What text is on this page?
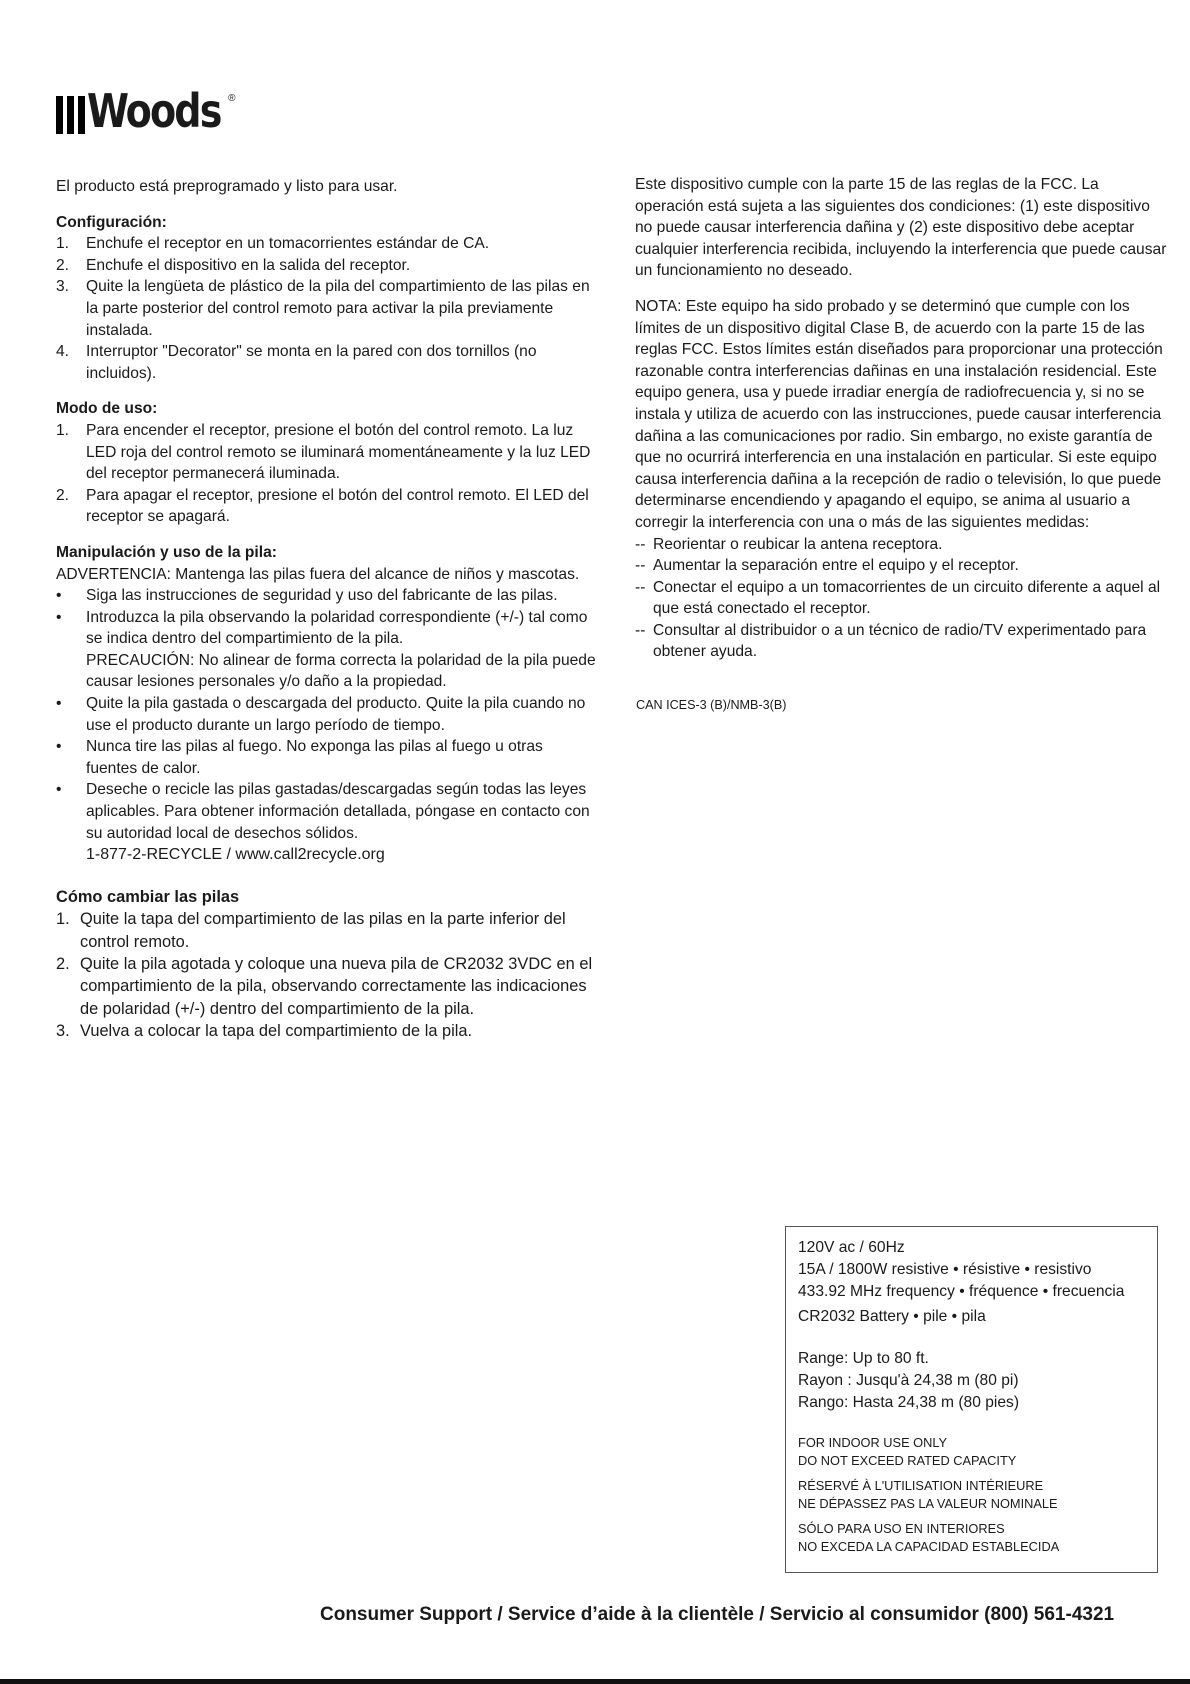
Woods ®

El producto está preprogramado y listo para usar.

Configuración:
1.	Enchufe el receptor en un tomacorrientes estándar de CA.
2.	Enchufe el dispositivo en la salida del receptor.
3.	Quite la lengüeta de plástico de la pila del compartimiento de las pilas en la parte posterior del control remoto para activar la pila previamente instalada.
4.	Interruptor "Decorator" se monta en la pared con dos tornillos (no incluidos).
Modo de uso:
1.	Para encender el receptor, presione el botón del control remoto. La luz LED roja del control remoto se iluminará momentáneamente y la luz LED del receptor permanecerá iluminada.
2.	Para apagar el receptor, presione el botón del control remoto. El LED del receptor se apagará.
Manipulación y uso de la pila:

ADVERTENCIA: Mantenga las pilas fuera del alcance de niños y mascotas.

•	Siga las instrucciones de seguridad y uso del fabricante de las pilas.
•	Introduzca la pila observando la polaridad correspondiente (+/-) tal como se indica dentro del compartimiento de la pila.
PRECAUCIÓN: No alinear de forma correcta la polaridad de la pila puede causar lesiones personales y/o daño a la propiedad.
•	Quite la pila gastada o descargada del producto. Quite la pila cuando no use el producto durante un largo período de tiempo.
•	Nunca tire las pilas al fuego. No exponga las pilas al fuego u otras fuentes de calor.
•	Deseche o recicle las pilas gastadas/descargadas según todas las leyes aplicables. Para obtener información detallada, póngase en contacto con su autoridad local de desechos sólidos.
1-877-2-RECYCLE / www.call2recycle.org
Cómo cambiar las pilas
1. Quite la tapa del compartimiento de las pilas en la parte inferior del control remoto.
2. Quite la pila agotada y coloque una nueva pila de CR2032 3VDC en el compartimiento de la pila, observando correctamente las indicaciones de polaridad (+/-) dentro del compartimiento de la pila.
3. Vuelva a colocar la tapa del compartimiento de la pila.

Este dispositivo cumple con la parte 15 de las reglas de la FCC. La operación está sujeta a las siguientes dos condiciones: (1) este dispositivo no puede causar interferencia dañina y (2) este dispositivo debe aceptar cualquier interferencia recibida, incluyendo la interferencia que puede causar un funcionamiento no deseado.

NOTA: Este equipo ha sido probado y se determinó que cumple con los límites de un dispositivo digital Clase B, de acuerdo con la parte 15 de las reglas FCC. Estos límites están diseñados para proporcionar una protección razonable contra interferencias dañinas en una instalación residencial. Este equipo genera, usa y puede irradiar energía de radiofrecuencia y, si no se instala y utiliza de acuerdo con las instrucciones, puede causar interferencia dañina a las comunicaciones por radio. Sin embargo, no existe garantía de que no ocurrirá interferencia en una instalación en particular. Si este equipo causa interferencia dañina a la recepción de radio o televisión, lo que puede determinarse encendiendo y apagando el equipo, se anima al usuario a corregir la interferencia con una o más de las siguientes medidas:

-- Reorientar o reubicar la antena receptora.
-- Aumentar la separación entre el equipo y el receptor.
-- Conectar el equipo a un tomacorrientes de un circuito diferente a aquel al que está conectado el receptor.
-- Consultar al distribuidor o a un técnico de radio/TV experimentado para obtener ayuda.
CAN ICES-3 (B)/NMB-3(B)
120V ac / 60Hz
15A / 1800W resistive • résistive • resistivo
433.92 MHz frequency • fréquence • frecuencia
CR2032 Battery • pile • pila
Range: Up to 80 ft.
Rayon : Jusqu'à 24,38 m (80 pi)
Rango: Hasta 24,38 m (80 pies)
FOR INDOOR USE ONLY
DO NOT EXCEED RATED CAPACITY
RÉSERVÉ À L'UTILISATION INTÉRIEURE
NE DÉPASSEZ PAS LA VALEUR NOMINALE
SÓLO PARA USO EN INTERIORES
NO EXCEDA LA CAPACIDAD ESTABLECIDA
Consumer Support / Service d’aide à la clientèle / Servicio al consumidor (800) 561-4321
